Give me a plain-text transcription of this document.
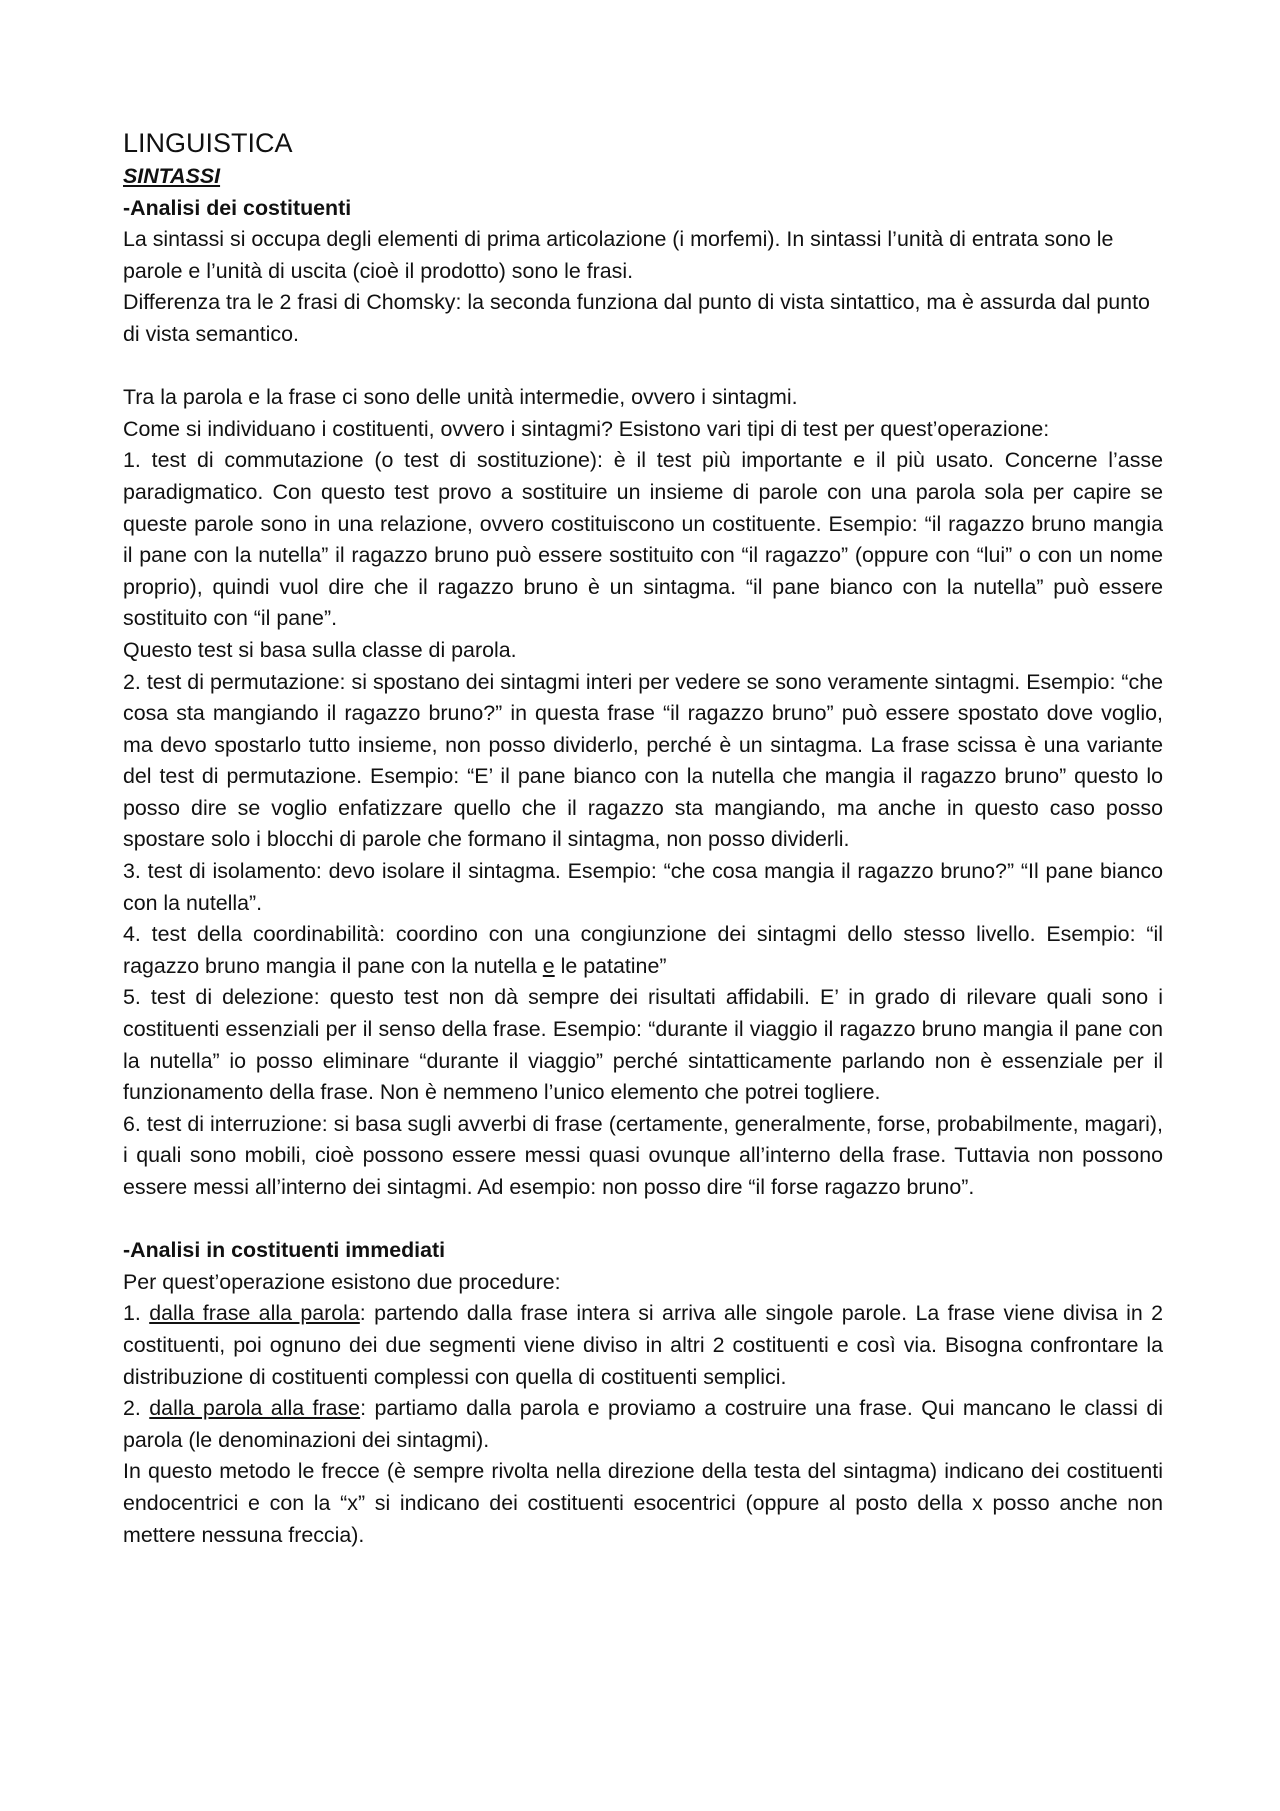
LINGUISTICA
SINTASSI
-Analisi dei costituenti

La sintassi si occupa degli elementi di prima articolazione (i morfemi). In sintassi l’unità di entrata sono le parole e l’unità di uscita (cioè il prodotto) sono le frasi.

Differenza tra le 2 frasi di Chomsky: la seconda funziona dal punto di vista sintattico, ma è assurda dal punto di vista semantico.

Tra la parola e la frase ci sono delle unità intermedie, ovvero i sintagmi.

Come si individuano i costituenti, ovvero i sintagmi? Esistono vari tipi di test per quest’operazione:

1. test di commutazione (o test di sostituzione): è il test più importante e il più usato. Concerne l’asse paradigmatico. Con questo test provo a sostituire un insieme di parole con una parola sola per capire se queste parole sono in una relazione, ovvero costituiscono un costituente. Esempio: “il ragazzo bruno mangia il pane con la nutella” il ragazzo bruno può essere sostituito con “il ragazzo” (oppure con “lui” o con un nome proprio), quindi vuol dire che il ragazzo bruno è un sintagma. “il pane bianco con la nutella” può essere sostituito con “il pane”.

Questo test si basa sulla classe di parola.

2. test di permutazione: si spostano dei sintagmi interi per vedere se sono veramente sintagmi. Esempio: “che cosa sta mangiando il ragazzo bruno?” in questa frase “il ragazzo bruno” può essere spostato dove voglio, ma devo spostarlo tutto insieme, non posso dividerlo, perché è un sintagma. La frase scissa è una variante del test di permutazione. Esempio: “E’ il pane bianco con la nutella che mangia il ragazzo bruno” questo lo posso dire se voglio enfatizzare quello che il ragazzo sta mangiando, ma anche in questo caso posso spostare solo i blocchi di parole che formano il sintagma, non posso dividerli.

3. test di isolamento: devo isolare il sintagma. Esempio: “che cosa mangia il ragazzo bruno?” “Il pane bianco con la nutella”.

4. test della coordinabilità: coordino con una congiunzione dei sintagmi dello stesso livello. Esempio: “il ragazzo bruno mangia il pane con la nutella e le patatine”

5. test di delezione: questo test non dà sempre dei risultati affidabili. E’ in grado di rilevare quali sono i costituenti essenziali per il senso della frase. Esempio: “durante il viaggio il ragazzo bruno mangia il pane con la nutella” io posso eliminare “durante il viaggio” perché sintatticamente parlando non è essenziale per il funzionamento della frase. Non è nemmeno l’unico elemento che potrei togliere.

6. test di interruzione: si basa sugli avverbi di frase (certamente, generalmente, forse, probabilmente, magari), i quali sono mobili, cioè possono essere messi quasi ovunque all’interno della frase. Tuttavia non possono essere messi all’interno dei sintagmi. Ad esempio: non posso dire “il forse ragazzo bruno”.

-Analisi in costituenti immediati

Per quest’operazione esistono due procedure:

1. dalla frase alla parola: partendo dalla frase intera si arriva alle singole parole. La frase viene divisa in 2 costituenti, poi ognuno dei due segmenti viene diviso in altri 2 costituenti e così via. Bisogna confrontare la distribuzione di costituenti complessi con quella di costituenti semplici.

2. dalla parola alla frase: partiamo dalla parola e proviamo a costruire una frase. Qui mancano le classi di parola (le denominazioni dei sintagmi).

In questo metodo le frecce (è sempre rivolta nella direzione della testa del sintagma) indicano dei costituenti endocentrici e con la “x” si indicano dei costituenti esocentrici (oppure al posto della x posso anche non mettere nessuna freccia).
